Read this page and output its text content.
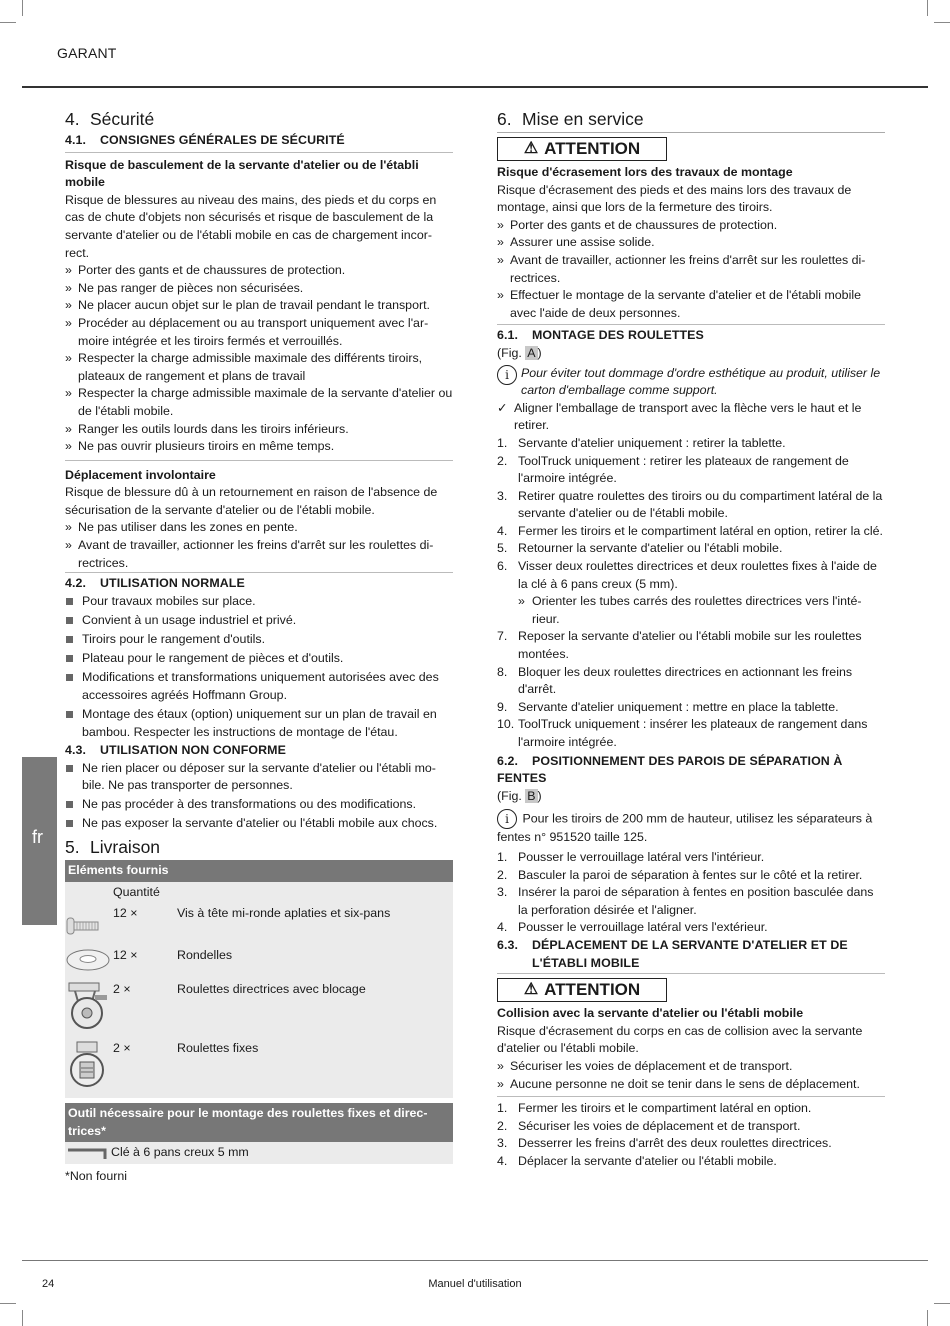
GARANT
fr
4. Sécurité
4.1. CONSIGNES GÉNÉRALES DE SÉCURITÉ

Risque de basculement de la servante d'atelier ou de l'établi mobile

Risque de blessures au niveau des mains, des pieds et du corps en cas de chute d'objets non sécurisés et risque de basculement de la servante d'atelier ou de l'établi mobile en cas de chargement incor- rect.

» Porter des gants et de chaussures de protection.
» Ne pas ranger de pièces non sécurisées.
» Ne placer aucun objet sur le plan de travail pendant le transport.
» Procéder au déplacement ou au transport uniquement avec l'ar- moire intégrée et les tiroirs fermés et verrouillés.
» Respecter la charge admissible maximale des différents tiroirs, plateaux de rangement et plans de travail
» Respecter la charge admissible maximale de la servante d'atelier ou de l'établi mobile.
» Ranger les outils lourds dans les tiroirs inférieurs.
» Ne pas ouvrir plusieurs tiroirs en même temps.

Déplacement involontaire

Risque de blessure dû à un retournement en raison de l'absence de sécurisation de la servante d'atelier ou de l'établi mobile.

» Ne pas utiliser dans les zones en pente.
» Avant de travailler, actionner les freins d'arrêt sur les roulettes di- rectrices.
4.2. UTILISATION NORMALE
Pour travaux mobiles sur place.
Convient à un usage industriel et privé.
Tiroirs pour le rangement d'outils.
Plateau pour le rangement de pièces et d'outils.
Modifications et transformations uniquement autorisées avec des accessoires agréés Hoffmann Group.
Montage des étaux (option) uniquement sur un plan de travail en bambou. Respecter les instructions de montage de l'étau.
4.3. UTILISATION NON CONFORME
Ne rien placer ou déposer sur la servante d'atelier ou l'établi mo- bile. Ne pas transporter de personnes.
Ne pas procéder à des transformations ou des modifications.
Ne pas exposer la servante d'atelier ou l'établi mobile aux chocs.
5. Livraison
Eléments fournis		
	Quantité	
	12 ×	Vis à tête mi-ronde aplaties et six-pans
	12 ×	Rondelles
	2 ×	Roulettes directrices avec blocage
	2 ×	Roulettes fixes

Outil nécessaire pour le montage des roulettes fixes et direc- trices*		
Clé à 6 pans creux 5 mm		

*Non fourni

6. Mise en service
⚠ ATTENTION

Risque d'écrasement lors des travaux de montage

Risque d'écrasement des pieds et des mains lors des travaux de montage, ainsi que lors de la fermeture des tiroirs.

» Porter des gants et de chaussures de protection.
» Assurer une assise solide.
» Avant de travailler, actionner les freins d'arrêt sur les roulettes di- rectrices.
» Effectuer le montage de la servante d'atelier et de l'établi mobile avec l'aide de deux personnes.
6.1. MONTAGE DES ROULETTES

(Fig. A )

i Pour éviter tout dommage d'ordre esthétique au produit, utiliser le carton d'emballage comme support.
✓ Aligner l'emballage de transport avec la flèche vers le haut et le retirer.
1. Servante d'atelier uniquement : retirer la tablette.
2. ToolTruck uniquement : retirer les plateaux de rangement de l'armoire intégrée.
3. Retirer quatre roulettes des tiroirs ou du compartiment latéral de la servante d'atelier ou de l'établi mobile.
4. Fermer les tiroirs et le compartiment latéral en option, retirer la clé.
5. Retourner la servante d'atelier ou l'établi mobile.
6. Visser deux roulettes directrices et deux roulettes fixes à l'aide de la clé à 6 pans creux (5 mm).
» Orienter les tubes carrés des roulettes directrices vers l'inté- rieur.
7. Reposer la servante d'atelier ou l'établi mobile sur les roulettes montées.
8. Bloquer les deux roulettes directrices en actionnant les freins d'arrêt.
9. Servante d'atelier uniquement : mettre en place la tablette.
10. ToolTruck uniquement : insérer les plateaux de rangement dans l'armoire intégrée.
6.2. POSITIONNEMENT DES PAROIS DE SÉPARATION À FENTES

(Fig. B )

i Pour les tiroirs de 200 mm de hauteur, utilisez les séparateurs à fentes n° 951520 taille 125.

1. Pousser le verrouillage latéral vers l'intérieur.
2. Basculer la paroi de séparation à fentes sur le côté et la retirer.
3. Insérer la paroi de séparation à fentes en position basculée dans la perforation désirée et l'aligner.
4. Pousser le verrouillage latéral vers l'extérieur.
6.3.	DÉPLACEMENT DE LA SERVANTE D'ATELIER ET DE L'ÉTABLI MOBILE
⚠ ATTENTION

Collision avec la servante d'atelier ou l'établi mobile

Risque d'écrasement du corps en cas de collision avec la servante d'atelier ou l'établi mobile.

» Sécuriser les voies de déplacement et de transport.
» Aucune personne ne doit se tenir dans le sens de déplacement.
1. Fermer les tiroirs et le compartiment latéral en option.
2. Sécuriser les voies de déplacement et de transport.
3. Desserrer les freins d'arrêt des deux roulettes directrices.
4. Déplacer la servante d'atelier ou l'établi mobile.
24	Manuel d'utilisation
